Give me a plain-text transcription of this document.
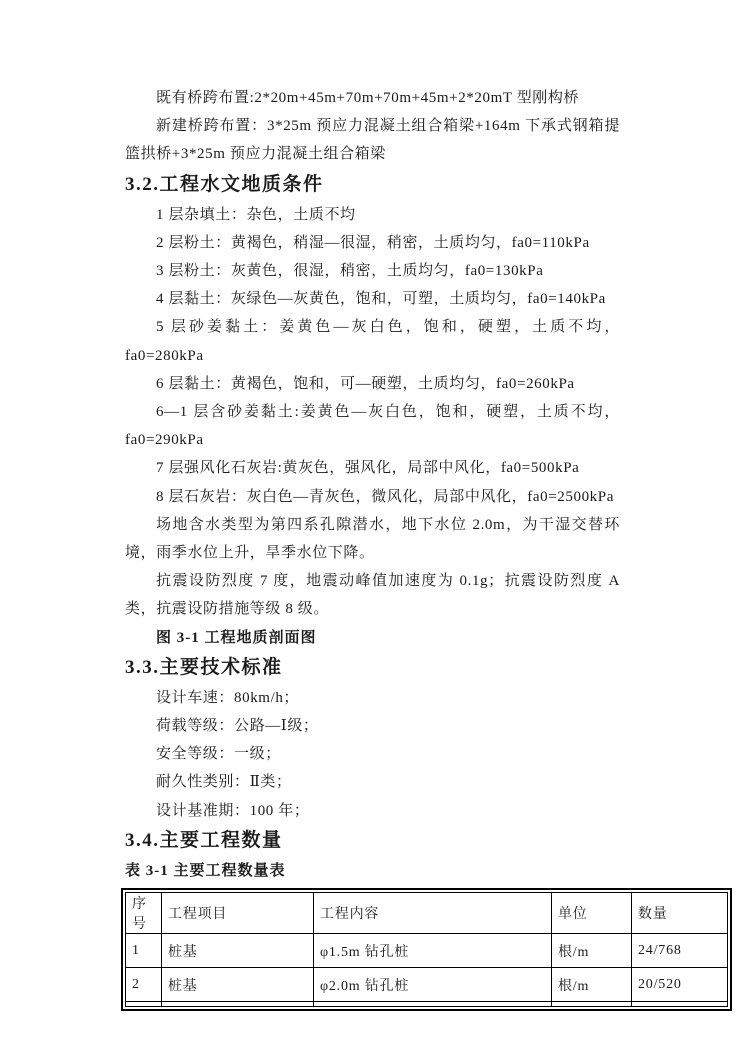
既有桥跨布置:2*20m+45m+70m+70m+45m+2*20mT 型刚构桥

新建桥跨布置：3*25m 预应力混凝土组合箱梁+164m 下承式钢箱提篮拱桥+3*25m 预应力混凝土组合箱梁

3.2.工程水文地质条件

1 层杂填土：杂色，土质不均

2 层粉土：黄褐色，稍湿—很湿，稍密，土质均匀，fa0=110kPa

3 层粉土：灰黄色，很湿，稍密，土质均匀，fa0=130kPa

4 层黏土：灰绿色—灰黄色，饱和，可塑，土质均匀，fa0=140kPa

5 层砂姜黏土：姜黄色—灰白色，饱和，硬塑，土质不均，fa0=280kPa

6 层黏土：黄褐色，饱和，可—硬塑，土质均匀，fa0=260kPa

6—1 层含砂姜黏土:姜黄色—灰白色，饱和，硬塑，土质不均，fa0=290kPa

7 层强风化石灰岩:黄灰色，强风化，局部中风化，fa0=500kPa

8 层石灰岩：灰白色—青灰色，微风化，局部中风化，fa0=2500kPa

场地含水类型为第四系孔隙潜水，地下水位 2.0m，为干湿交替环境，雨季水位上升，旱季水位下降。

抗震设防烈度 7 度，地震动峰值加速度为 0.1g；抗震设防烈度 A 类，抗震设防措施等级 8 级。

图 3-1 工程地质剖面图

3.3.主要技术标准

设计车速：80km/h；

荷载等级：公路—Ⅰ级；

安全等级：一级；

耐久性类别：Ⅱ类；

设计基准期：100 年；

3.4.主要工程数量

表 3-1 主要工程数量表

序号	工程项目	工程内容	单位	数量
1	桩基	φ1.5m 钻孔桩	根/m	24/768
2	桩基	φ2.0m 钻孔桩	根/m	20/520
